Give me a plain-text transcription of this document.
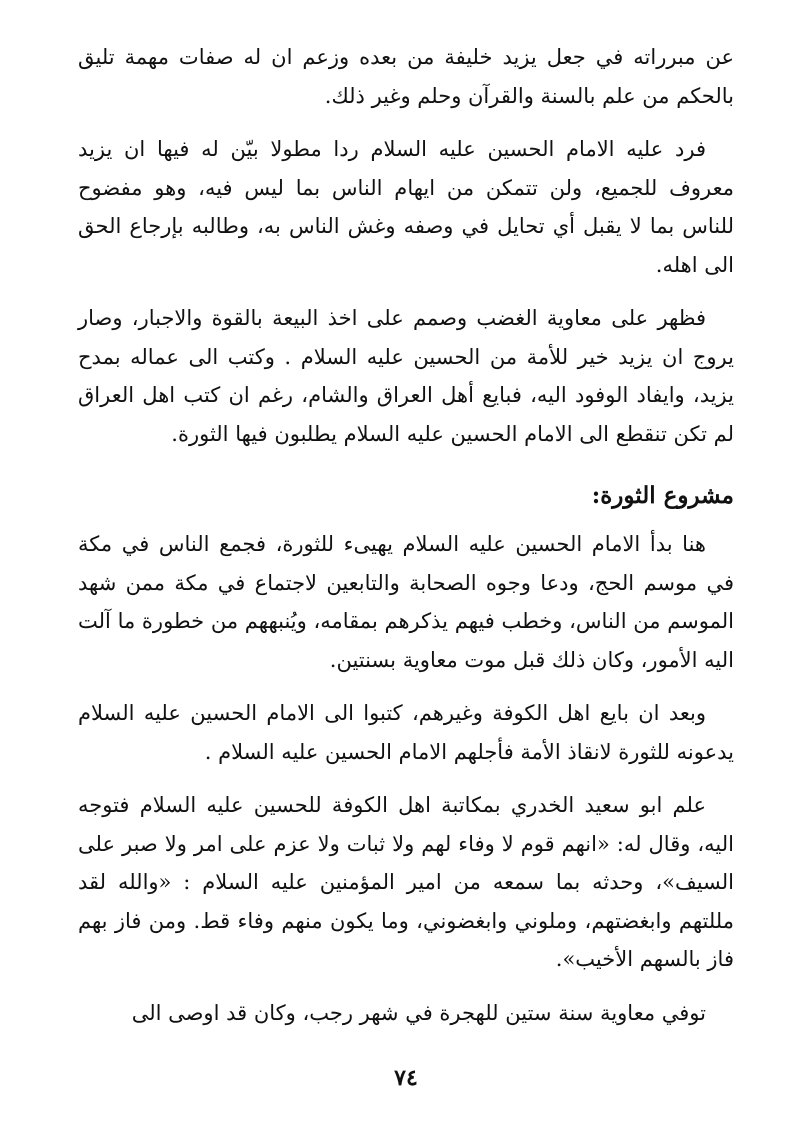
عن مبرراته في جعل يزيد خليفة من بعده وزعم ان له صفات مهمة تليق بالحكم من علم بالسنة والقرآن وحلم وغير ذلك.

فرد عليه الامام الحسين عليه السلام ردا مطولا بيّن له فيها ان يزيد معروف للجميع، ولن تتمكن من ايهام الناس بما ليس فيه، وهو مفضوح للناس بما لا يقبل أي تحايل في وصفه وغش الناس به، وطالبه بإرجاع الحق الى اهله.

فظهر على معاوية الغضب وصمم على اخذ البيعة بالقوة والاجبار، وصار يروج ان يزيد خير للأمة من الحسين عليه السلام . وكتب الى عماله بمدح يزيد، وايفاد الوفود اليه، فبايع أهل العراق والشام، رغم ان كتب اهل العراق لم تكن تنقطع الى الامام الحسين عليه السلام يطلبون فيها الثورة.

مشروع الثورة:

هنا بدأ الامام الحسين عليه السلام يهيىء للثورة، فجمع الناس في مكة في موسم الحج، ودعا وجوه الصحابة والتابعين لاجتماع في مكة ممن شهد الموسم من الناس، وخطب فيهم يذكرهم بمقامه، ويُنبههم من خطورة ما آلت اليه الأمور، وكان ذلك قبل موت معاوية بسنتين.

وبعد ان بايع اهل الكوفة وغيرهم، كتبوا الى الامام الحسين عليه السلام يدعونه للثورة لانقاذ الأمة فأجلهم الامام الحسين عليه السلام .

علم ابو سعيد الخدري بمكاتبة اهل الكوفة للحسين عليه السلام فتوجه اليه، وقال له: «انهم قوم لا وفاء لهم ولا ثبات ولا عزم على امر ولا صبر على السيف»، وحدثه بما سمعه من امير المؤمنين عليه السلام : «والله لقد مللتهم وابغضتهم، وملوني وابغضوني، وما يكون منهم وفاء قط. ومن فاز بهم فاز بالسهم الأخيب».

توفي معاوية سنة ستين للهجرة في شهر رجب، وكان قد اوصى الى

٧٤
